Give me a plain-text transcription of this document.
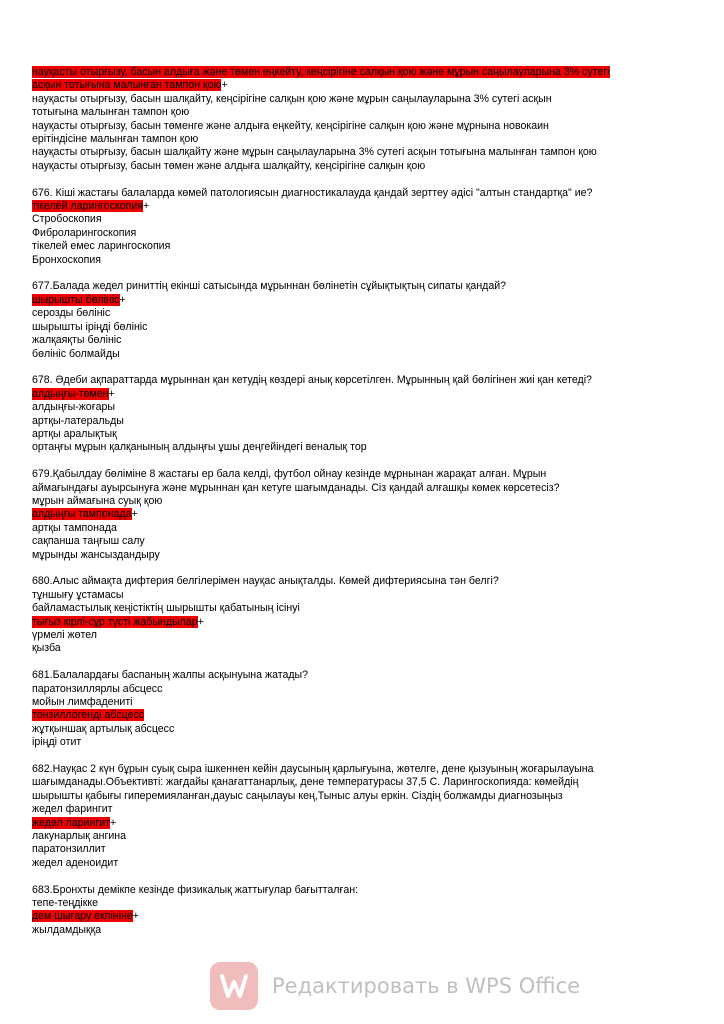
науқасты отырғызу, басын алдыға және төмен еңкейту, кеңсірігіне салқын қою және мұрын саңылауларына 3% сутегі
асқын тотығына малынған тампон қою+
науқасты отырғызу, басын шалқайту, кеңсірігіне салқын қою және мұрын саңылауларына 3% сутегі асқын
тотығына малынған тампон қою
науқасты отырғызу, басын төменге және алдыға еңкейту, кеңсірігіне салқын қою және мұрнына новокаин
ерітіндісіне малынған тампон қою
науқасты отырғызу, басын шалқайту және мұрын саңылауларына 3% сутегі асқын тотығына малынған тампон қою
науқасты отырғызу, басын төмен және алдыға шалқайту, кеңсірігіне салқын қою
676. Кіші жастағы балаларда көмей патологиясын диагностикалауда қандай зерттеу әдісі "алтын стандартқа" ие?
тікелей ларингоскопия+
Стробоскопия
Фиброларингоскопия
тікелей емес ларингоскопия
Бронхоскопия
677.Балада жедел риниттің екінші сатысында мұрыннан бөлінетін сұйықтықтың сипаты қандай?
шырышты бөлініс+
серозды бөлініс
шырышты іріңді бөлініс
жалқаяқты бөлініс
бөлініс болмайды
678. Әдеби ақпараттарда мұрыннан қан кетудің көздері анық көрсетілген. Мұрынның қай бөлігінен жиі қан кетеді?
алдыңғы-төмен+
алдыңғы-жоғары
артқы-латеральды
артқы аралықтық
ортаңғы мұрын қалқанының алдыңғы ұшы деңгейіндегі веналық тор
679.Қабылдау бөліміне 8 жастағы ер бала келді, футбол ойнау кезінде мұрнынан жарақат алған. Мұрын
аймағындағы ауырсынуға және мұрыннан қан кетуге шағымданады. Сіз қандай алғашқы көмек көрсетесіз?
мұрын аймағына суық қою
алдыңғы тампонада+
артқы тампонада
сақпанша таңғыш салу
мұрынды жансыздандыру
680.Алыс аймақта дифтерия белгілерімен науқас анықталды. Көмей дифтериясына тән белгі?
тұншығу ұстамасы
байламастылық кеңістіктің шырышты қабатының ісінуі
тығыз кірлі-сұр түсті жабындылар+
үрмелі жөтел
қызба
681.Балалардағы баспаның жалпы асқынуына жатады?
паратонзиллярлы абсцесс
мойын лимфадениті
тонзиллогенді абсцесс
жұтқыншақ артылық абсцесс
іріңді отит
682.Науқас 2 күн бұрын суық сыра ішкеннен кейін даусының қарлығуына, жөтелге, дене қызуының жоғарылауына
шағымданады.Объективті: жағдайы қанағаттанарлық, дене температурасы 37,5 С. Ларингоскопияда: көмейдің
шырышты қабығы гиперемияланған,дауыс саңылауы кең,Тыныс алуы еркін. Сіздің болжамды диагнозыңыз
жедел фарингит
жедел ларингит+
лакунарлық ангина
паратонзиллит
жедел аденоидит
683.Бронхты демікпе кезінде физикалық жаттығулар бағытталған:
тепе-теңдікке
дем шығару екпініне+
жылдамдыққа
Редактировать в WPS Office
